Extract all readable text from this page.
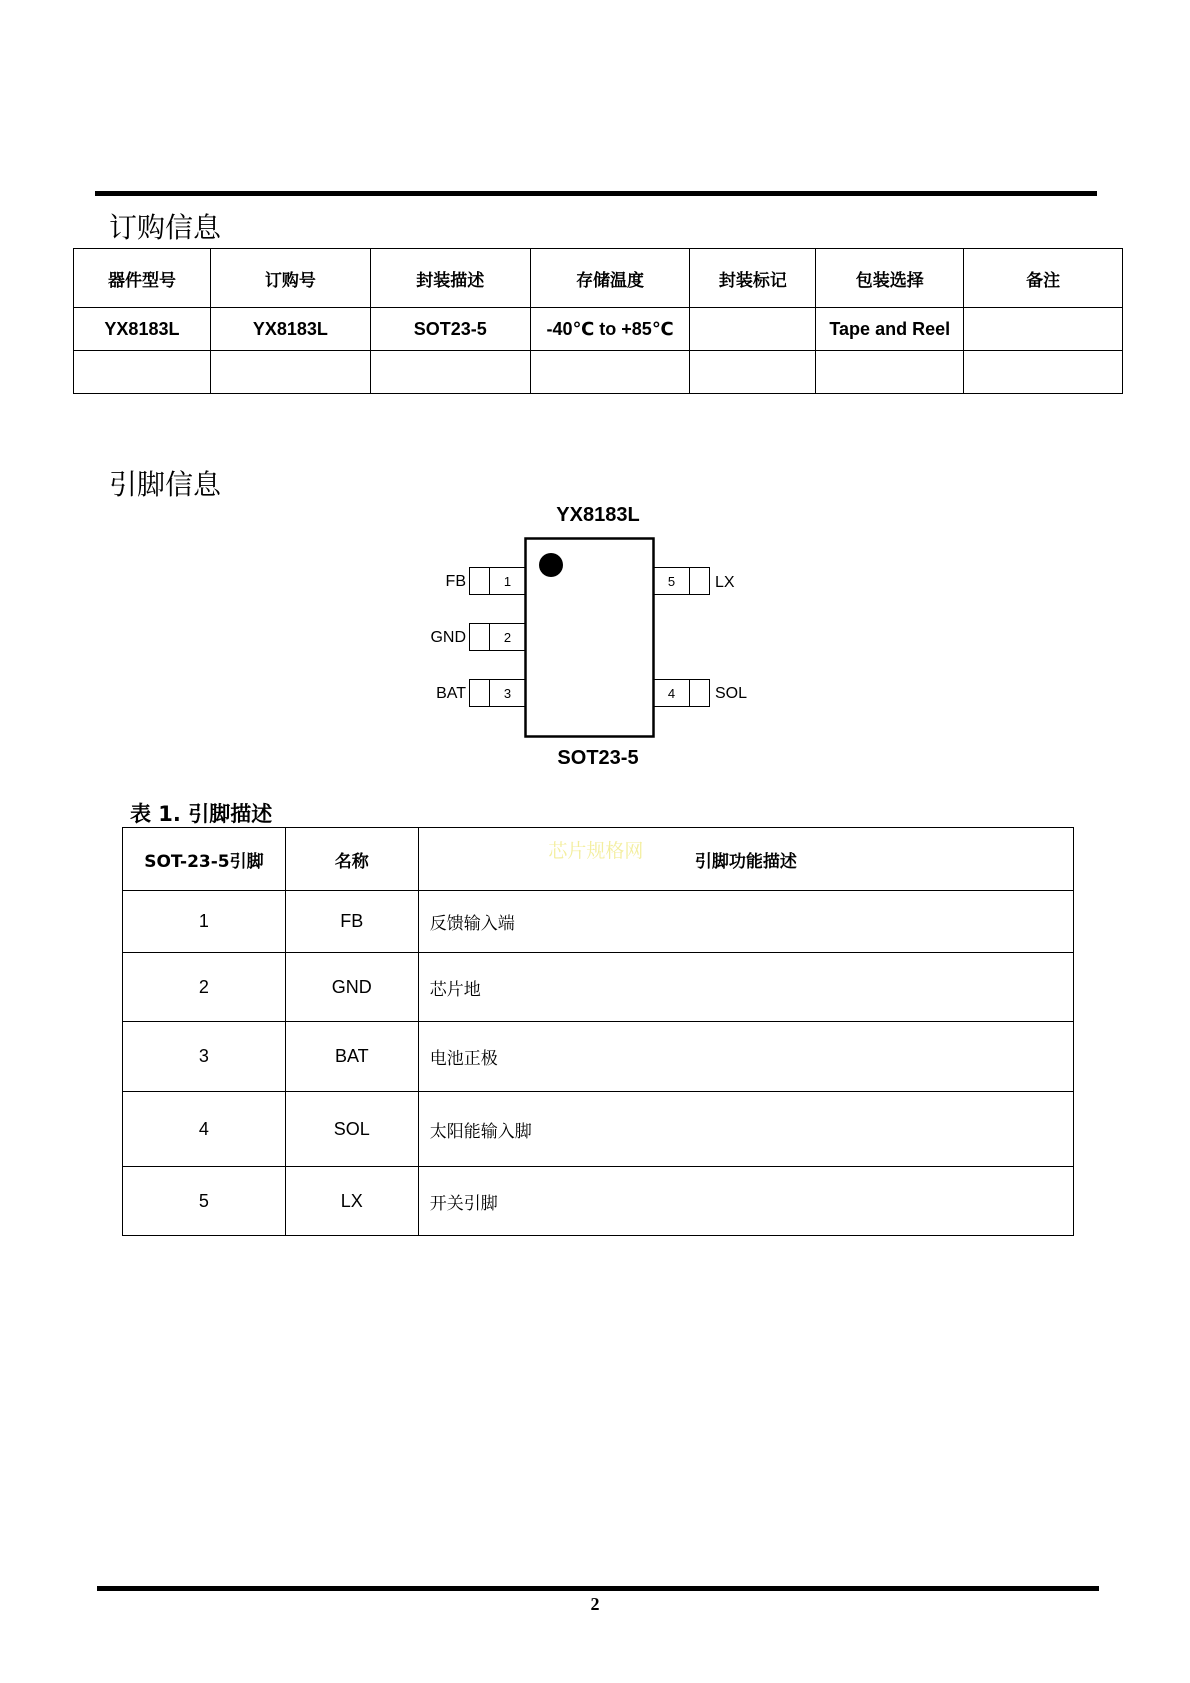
订购信息
器件型号	订购号	封装描述	存储温度	封装标记	包装选择	备注
YX8183L	YX8183L	SOT23-5	-40℃ to +85℃		Tape and Reel	

引脚信息
YX8183L
1
FB
2
GND
3
BAT
5 LX
4 SOL
SOT23-5
表 1. 引脚描述
SOT-23-5引脚	名称	芯片规格网 引脚功能描述
1	FB	反馈输入端
2	GND	芯片地
3	BAT	电池正极
4	SOL	太阳能输入脚
5	LX	开关引脚
2
